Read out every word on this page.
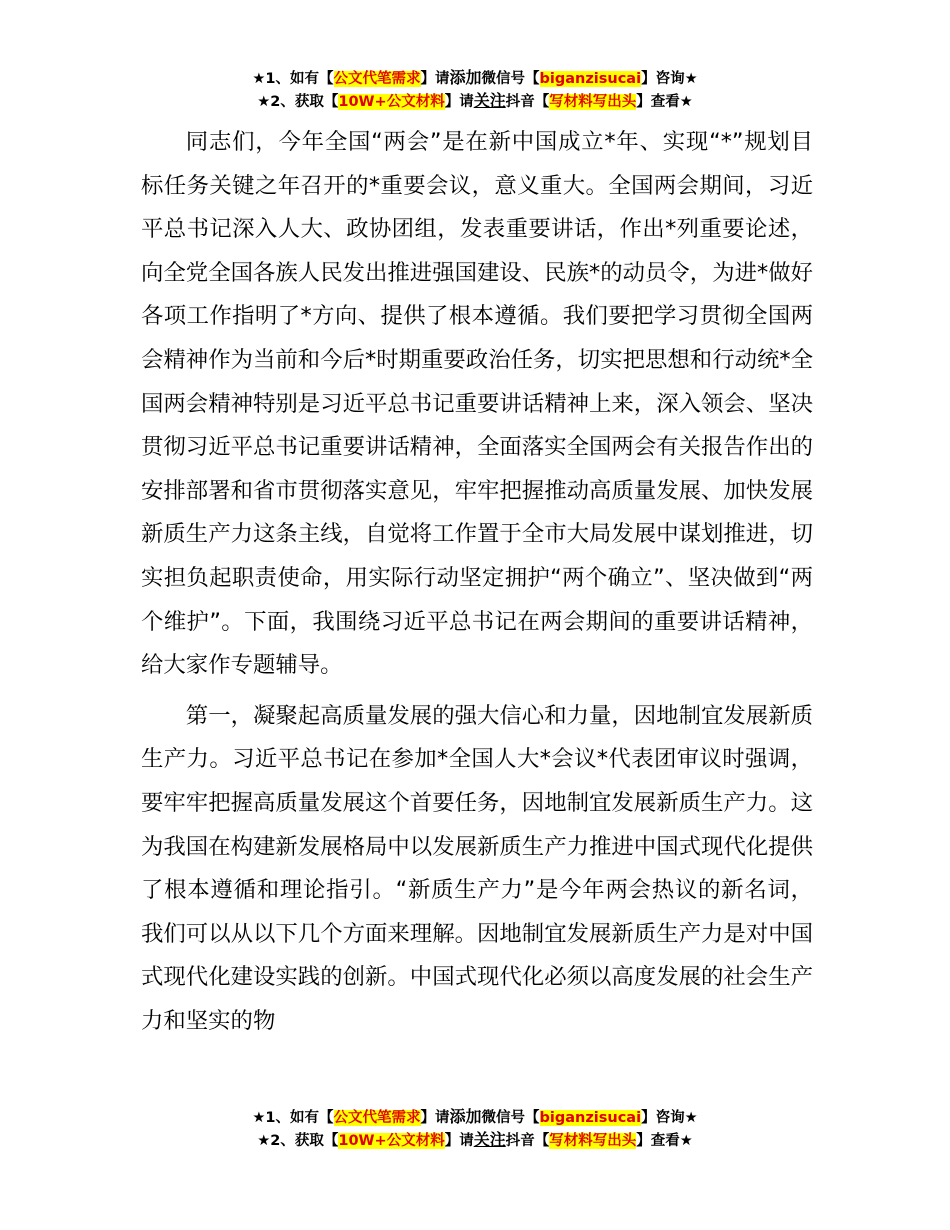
★1、如有【公文代笔需求】请添加微信号【biganzisucai】咨询★
★2、获取【10W+公文材料】请关注抖音【写材料写出头】查看★

同志们，今年全国“两会”是在新中国成立*年、实现“*”规划目标任务关键之年召开的*重要会议，意义重大。全国两会期间，习近平总书记深入人大、政协团组，发表重要讲话，作出*列重要论述，向全党全国各族人民发出推进强国建设、民族*的动员令，为进*做好各项工作指明了*方向、提供了根本遵循。我们要把学习贯彻全国两会精神作为当前和今后*时期重要政治任务，切实把思想和行动统*全国两会精神特别是习近平总书记重要讲话精神上来，深入领会、坚决贯彻习近平总书记重要讲话精神，全面落实全国两会有关报告作出的安排部署和省市贯彻落实意见，牢牢把握推动高质量发展、加快发展新质生产力这条主线，自觉将工作置于全市大局发展中谋划推进，切实担负起职责使命，用实际行动坚定拥护“两个确立”、坚决做到“两个维护”。下面，我围绕习近平总书记在两会期间的重要讲话精神，给大家作专题辅导。

第一，凝聚起高质量发展的强大信心和力量，因地制宜发展新质生产力。习近平总书记在参加*全国人大*会议*代表团审议时强调，要牢牢把握高质量发展这个首要任务，因地制宜发展新质生产力。这为我国在构建新发展格局中以发展新质生产力推进中国式现代化提供了根本遵循和理论指引。“新质生产力”是今年两会热议的新名词，我们可以从以下几个方面来理解。因地制宜发展新质生产力是对中国式现代化建设实践的创新。中国式现代化必须以高度发展的社会生产力和坚实的物

★1、如有【公文代笔需求】请添加微信号【biganzisucai】咨询★
★2、获取【10W+公文材料】请关注抖音【写材料写出头】查看★
